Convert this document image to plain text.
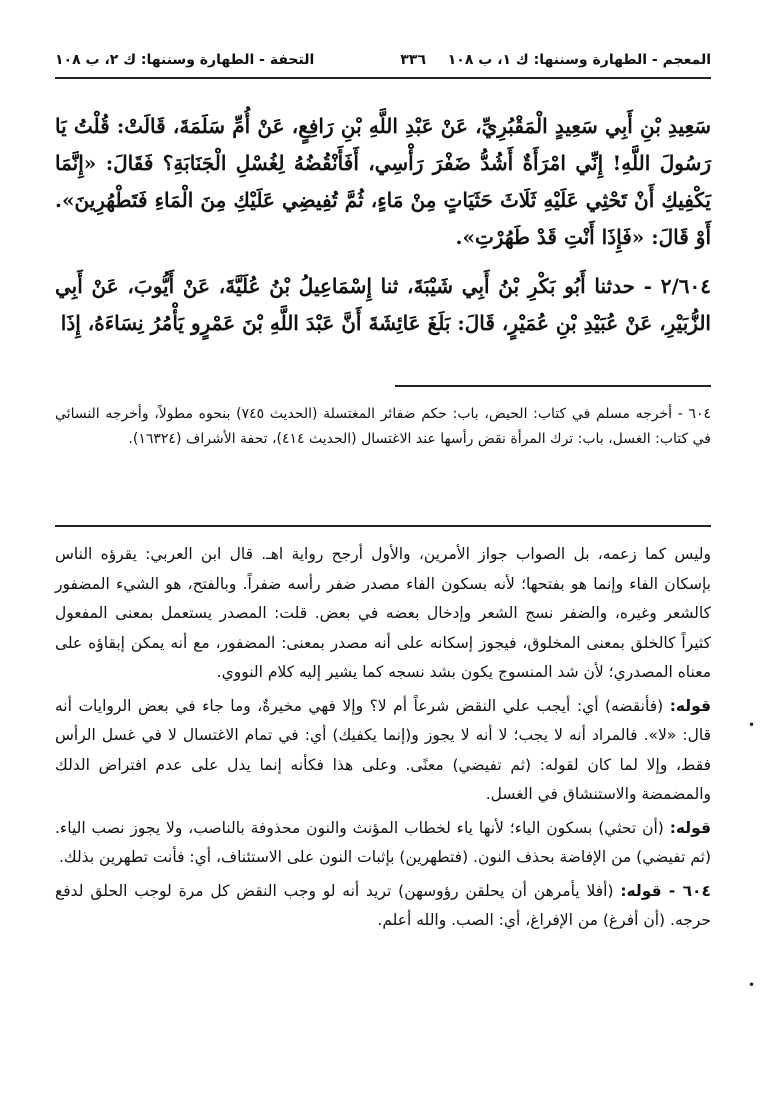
المعجم - الطهارة وسننها: ك ١، ب ١٠٨
٣٣٦
التحفة - الطهارة وسننها: ك ٢، ب ١٠٨

سَعِيدِ بْنِ أَبِي سَعِيدٍ الْمَقْبُرِيِّ، عَنْ عَبْدِ اللَّهِ بْنِ رَافِعٍ، عَنْ أُمِّ سَلَمَةَ، قَالَتْ: قُلْتُ يَا رَسُولَ اللَّهِ! إِنِّي امْرَأَةٌ أَشُدُّ ضَفْرَ رَأْسِي، أَفَأَنْقُضُهُ لِغُسْلِ الْجَنَابَةِ؟ فَقَالَ: «إِنَّمَا يَكْفِيكِ أَنْ تَحْثِي عَلَيْهِ ثَلَاثَ حَثَيَاتٍ مِنْ مَاءٍ، ثُمَّ تُفِيضِي عَلَيْكِ مِنَ الْمَاءِ فَتَطْهُرِينَ». أَوْ قَالَ: «فَإِذَا أَنْتِ قَدْ طَهُرْتِ».

٢/٦٠٤ - حدثنا أَبُو بَكْرِ بْنُ أَبِي شَيْبَةَ، ثنا إِسْمَاعِيلُ بْنُ عُلَيَّةَ، عَنْ أَيُّوبَ، عَنْ أَبِي الزُّبَيْرِ، عَنْ عُبَيْدِ بْنِ عُمَيْرٍ، قَالَ: بَلَغَ عَائِشَةَ أَنَّ عَبْدَ اللَّهِ بْنَ عَمْرٍو يَأْمُرُ نِسَاءَهُ، إِذَا

٦٠٤ - أخرجه مسلم في كتاب: الحيض، باب: حكم ضفائر المغتسلة (الحديث ٧٤٥) بنحوه مطولاً، وأخرجه النسائي في كتاب: الغسل، باب: ترك المرأة نقض رأسها عند الاغتسال (الحديث ٤١٤)، تحفة الأشراف (١٦٣٢٤).

وليس كما زعمه، بل الصواب جواز الأمرين، والأول أرجح رواية اهـ. قال ابن العربي: يقرؤه الناس بإسكان الفاء وإنما هو بفتحها؛ لأنه بسكون الفاء مصدر ضفر رأسه ضفراً. وبالفتح، هو الشيء المضفور كالشعر وغيره، والضفر نسج الشعر وإدخال بعضه في بعض. قلت: المصدر يستعمل بمعنى المفعول كثيراً كالخلق بمعنى المخلوق، فيجوز إسكانه على أنه مصدر بمعنى: المضفور، مع أنه يمكن إبقاؤه على معناه المصدري؛ لأن شد المنسوج يكون بشد نسجه كما يشير إليه كلام النووي.

قوله: (فأنقضه) أي: أيجب علي النقض شرعاً أم لا؟ وإلا فهي مخيرةٌ، وما جاء في بعض الروايات أنه قال: «لا». فالمراد أنه لا يجب؛ لا أنه لا يجوز و(إنما يكفيك) أي: في تمام الاغتسال لا في غسل الرأس فقط، وإلا لما كان لقوله: (ثم تفيضي) معنًى. وعلى هذا فكأنه إنما يدل على عدم افتراض الدلك والمضمضة والاستنشاق في الغسل.

قوله: (أن تحثي) بسكون الياء؛ لأنها ياء لخطاب المؤنث والنون محذوفة بالناصب، ولا يجوز نصب الياء. (ثم تفيضي) من الإفاضة بحذف النون. (فتطهرين) بإثبات النون على الاستئناف، أي: فأنت تطهرين بذلك.

٦٠٤ - قوله: (أفلا يأمرهن أن يحلقن رؤوسهن) تريد أنه لو وجب النقض كل مرة لوجب الحلق لدفع حرجه. (أن أفرغ) من الإفراغ، أي: الصب. والله أعلم.

•
•
